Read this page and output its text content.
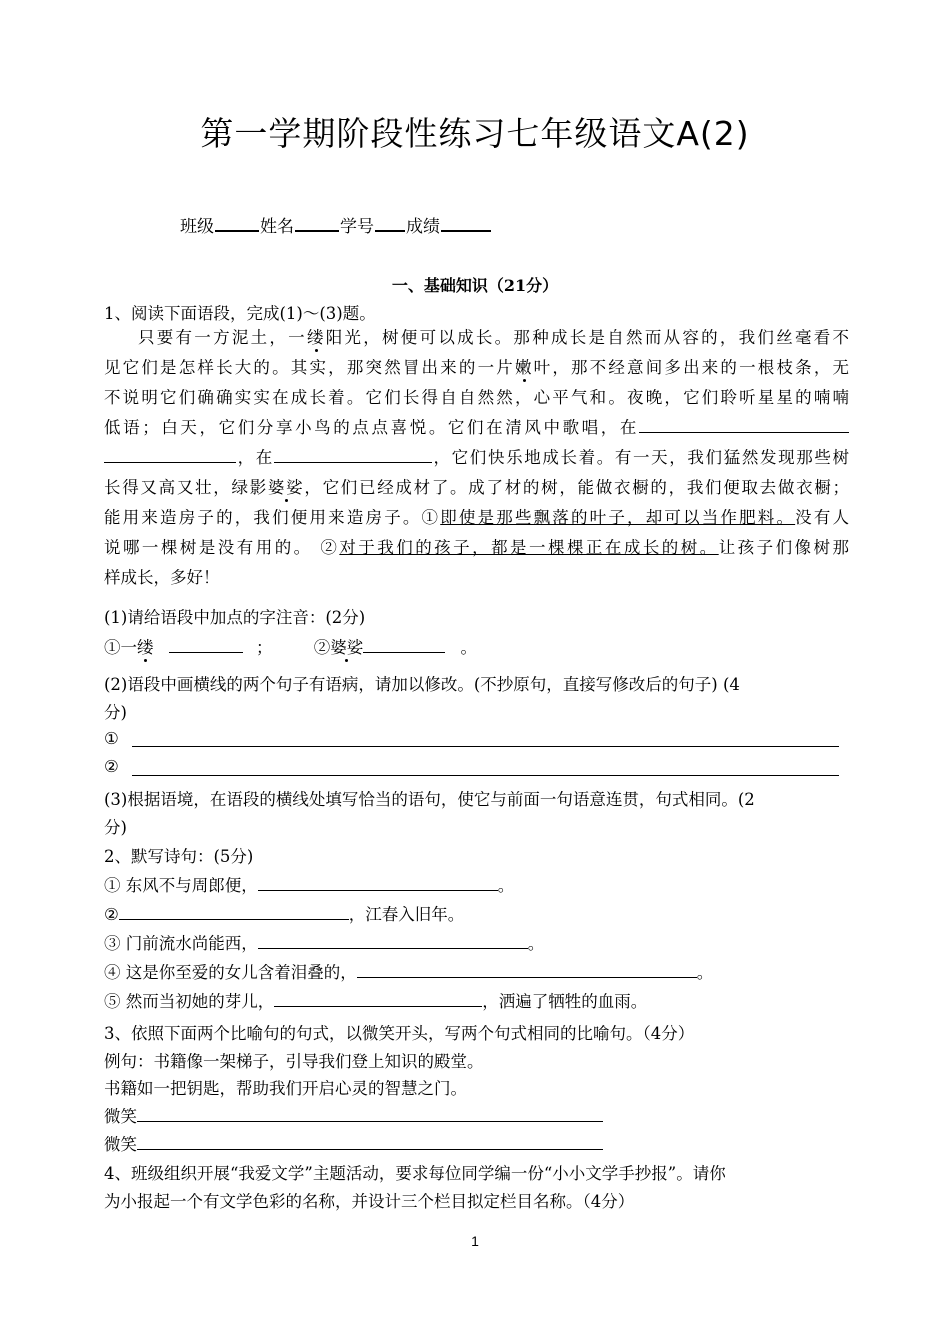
第一学期阶段性练习七年级语文A(2)
班级	姓名	学号 成绩
一、基础知识（21分）
1、阅读下面语段，完成(1)～(3)题。

只要有一方泥土，一缕阳光，树便可以成长。那种成长是自然而从容的，我们丝毫看不

见它们是怎样长大的。其实，那突然冒出来的一片嫩叶，那不经意间多出来的一根枝条，无

不说明它们确确实实在成长着。它们长得自自然然，心平气和。夜晚，它们聆听星星的喃喃

低语；白天，它们分享小鸟的点点喜悦。它们在清风中歌唱，在

，在	，它们快乐地成长着。有一天，我们猛然发现那些树

长得又高又壮，绿影婆娑，它们已经成材了。成了材的树，能做衣橱的，我们便取去做衣橱；

能用来造房子的，我们便用来造房子。①即使是那些飘落的叶子，却可以当作肥料。没有人

说哪一棵树是没有用的。 ②对于我们的孩子，都是一棵棵正在成长的树。让孩子们像树那

样成长，多好！

(1)请给语段中加点的字注音：(2分)
①一缕	；	②婆娑	。
(2)语段中画横线的两个句子有语病，请加以修改。(不抄原句，直接写修改后的句子) (4
分)
①
②
(3)根据语境，在语段的横线处填写恰当的语句，使它与前面一句语意连贯，句式相同。(2
分)
2、默写诗句：(5分)
① 东风不与周郎便，	。
②	，江春入旧年。
③ 门前流水尚能西，	。
④ 这是你至爱的女儿含着泪叠的，	。
⑤ 然而当初她的芽儿，	，洒遍了牺牲的血雨。
3、依照下面两个比喻句的句式，以微笑开头，写两个句式相同的比喻句。（4分）
例句：书籍像一架梯子，引导我们登上知识的殿堂。
书籍如一把钥匙，帮助我们开启心灵的智慧之门。
微笑
微笑
4、班级组织开展“我爱文学”主题活动，要求每位同学编一份“小小文学手抄报”。请你
为小报起一个有文学色彩的名称，并设计三个栏目拟定栏目名称。（4分）
1
